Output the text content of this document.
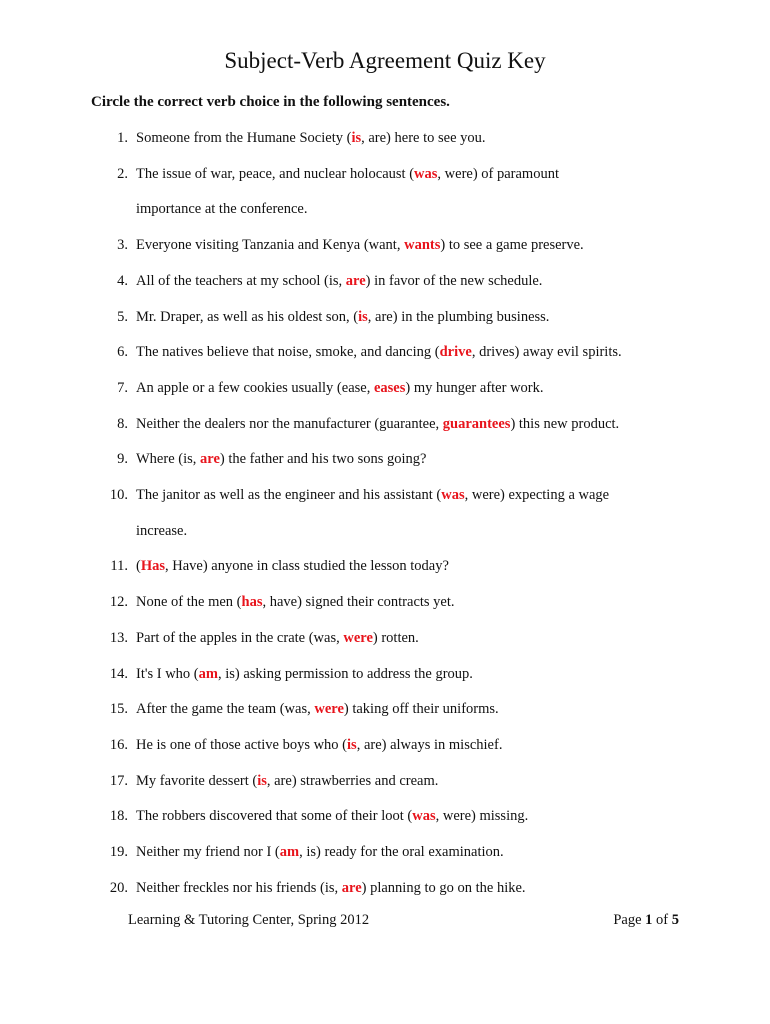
Subject-Verb Agreement Quiz Key
Circle the correct verb choice in the following sentences.
1. Someone from the Humane Society (is, are) here to see you.
2. The issue of war, peace, and nuclear holocaust (was, were) of paramount
importance at the conference.
3. Everyone visiting Tanzania and Kenya (want, wants) to see a game preserve.
4. All of the teachers at my school (is, are) in favor of the new schedule.
5. Mr. Draper, as well as his oldest son, (is, are) in the plumbing business.
6. The natives believe that noise, smoke, and dancing (drive, drives) away evil spirits.
7. An apple or a few cookies usually (ease, eases) my hunger after work.
8. Neither the dealers nor the manufacturer (guarantee, guarantees) this new product.
9. Where (is, are) the father and his two sons going?
10. The janitor as well as the engineer and his assistant (was, were) expecting a wage
increase.
11. (Has, Have) anyone in class studied the lesson today?
12. None of the men (has, have) signed their contracts yet.
13. Part of the apples in the crate (was, were) rotten.
14. It's I who (am, is) asking permission to address the group.
15. After the game the team (was, were) taking off their uniforms.
16. He is one of those active boys who (is, are) always in mischief.
17. My favorite dessert (is, are) strawberries and cream.
18. The robbers discovered that some of their loot (was, were) missing.
19. Neither my friend nor I (am, is) ready for the oral examination.
20. Neither freckles nor his friends (is, are) planning to go on the hike.
Learning & Tutoring Center, Spring 2012	Page 1 of 5
